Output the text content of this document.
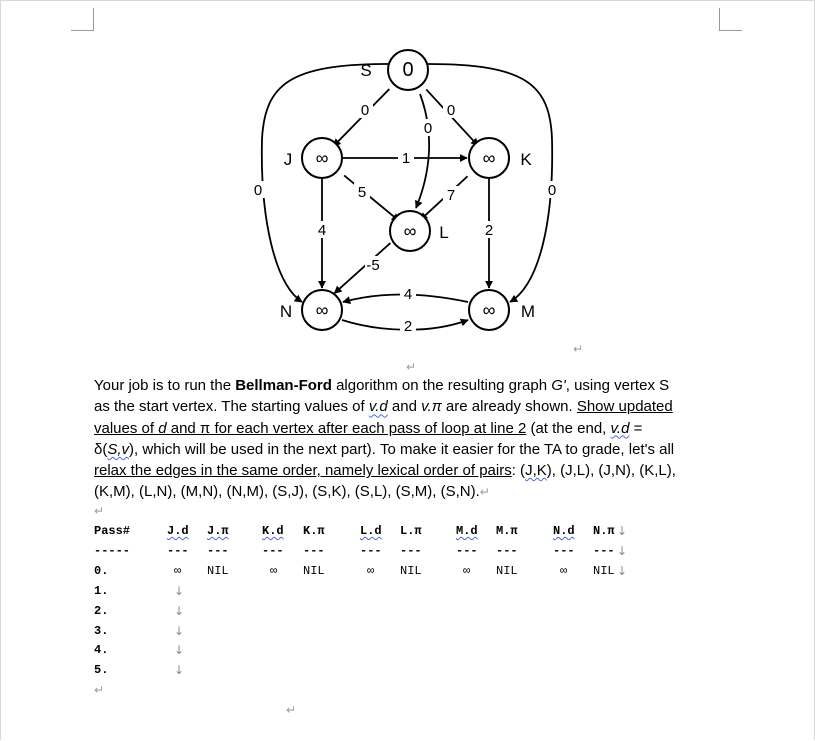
0	0
0
0	0
1
5	7
4	2
-5
4
2
0
S
∞
J	∞ K
∞ L
∞
N	∞ M
↵
↵
Your job is to run the Bellman-Ford algorithm on the resulting graph G', using vertex S
as the start vertex. The starting values of v.d and v.π are already shown. Show updated
values of d and π for each vertex after each pass of loop at line 2 (at the end, v.d =
δ(S,v), which will be used in the next part). To make it easier for the TA to grade, let's all
relax the edges in the same order, namely lexical order of pairs: (J,K), (J,L), (J,N), (K,L),
(K,M), (L,N), (M,N), (N,M), (S,J), (S,K), (S,L), (S,M), (S,N).↵
↵
Pass#	J.d J.π	K.d K.π	L.d L.π	M.d M.π	N.d N.π ↓
-----	--- ---	--- ---	--- ---	--- ---	--- --- ↓
0.	∞ NIL	∞ NIL	∞ NIL	∞ NIL	∞ NIL ↓
1.	↓
2.	↓
3.	↓
4.	↓
5.	↓
↵
↵
